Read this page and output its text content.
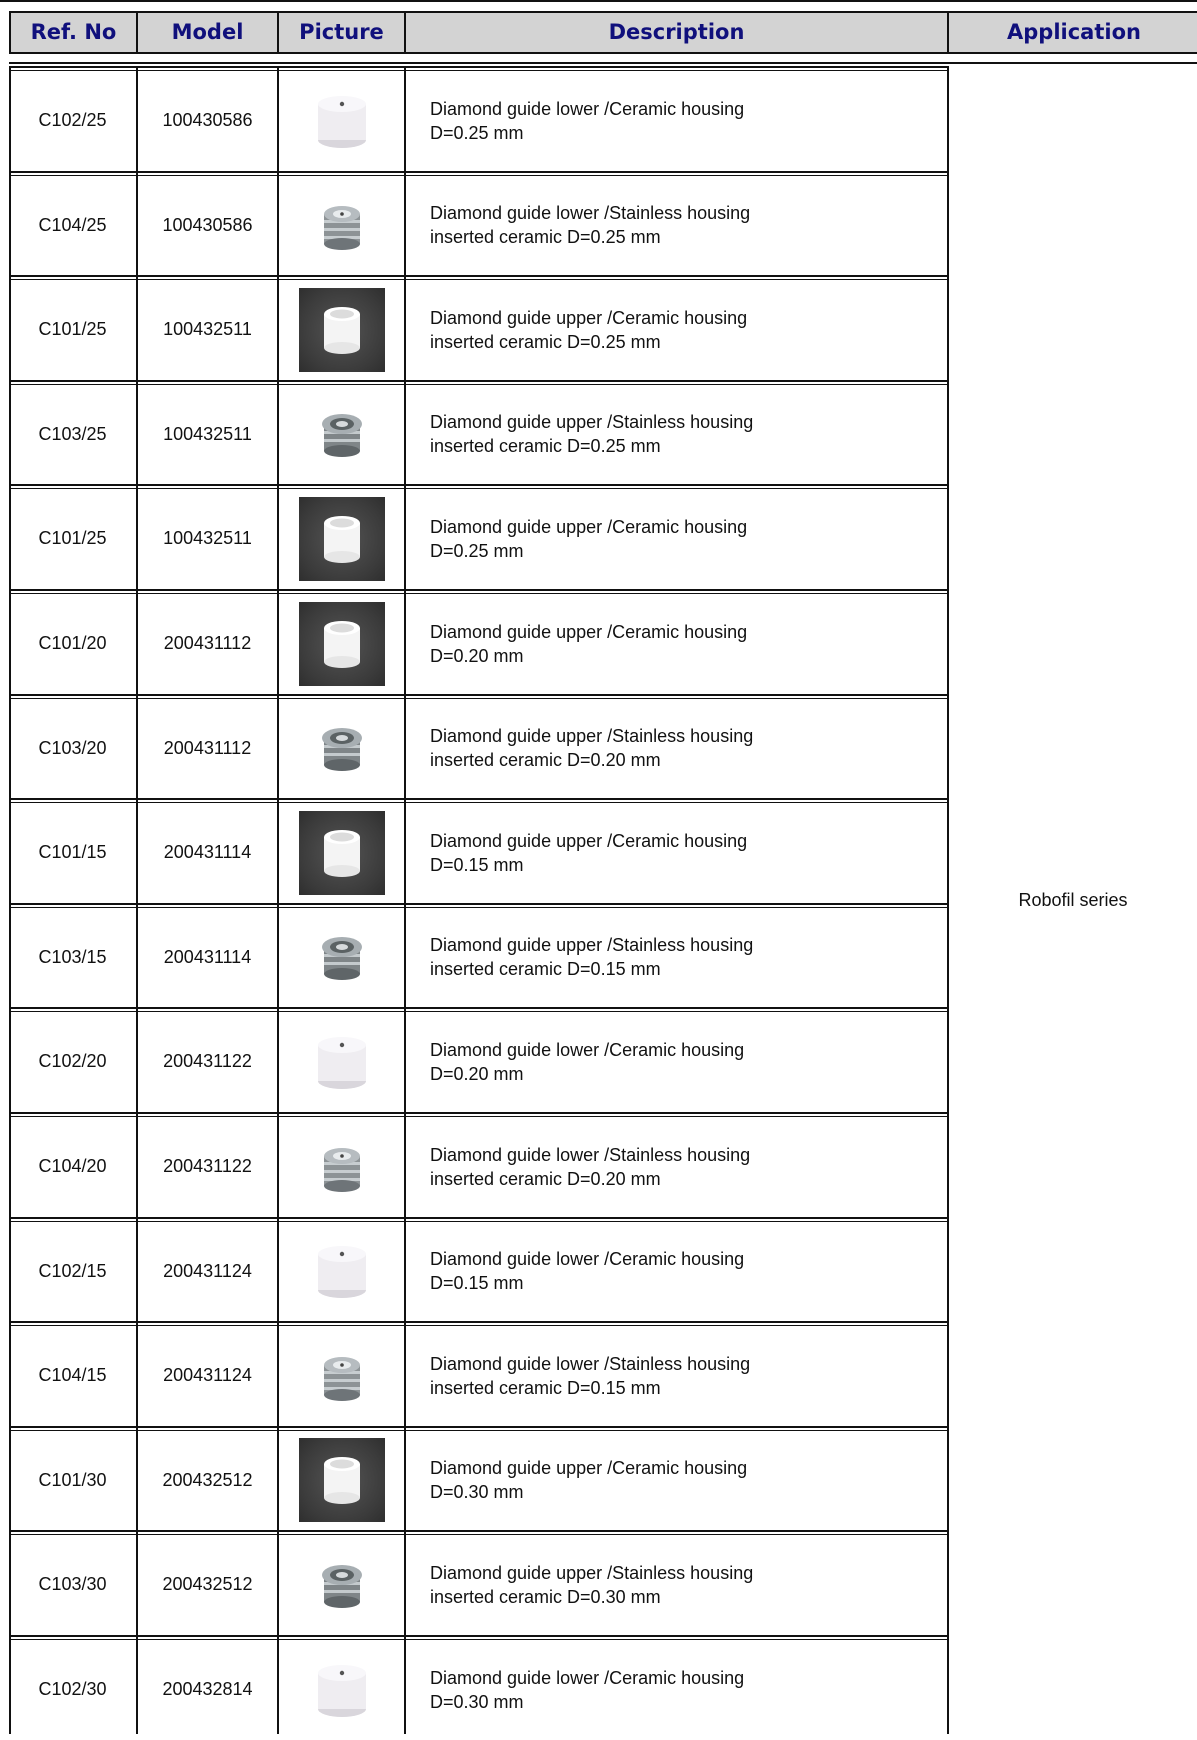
Ref. No	Model	Picture	Description	Application
Robofil series
C102/25	100430586
Diamond guide lower /Ceramic housing
D=0.25 mm
C104/25	100430586
Diamond guide lower /Stainless housing
inserted ceramic D=0.25 mm
C101/25	100432511
Diamond guide upper /Ceramic housing
inserted ceramic D=0.25 mm
C103/25	100432511
Diamond guide upper /Stainless housing
inserted ceramic D=0.25 mm
C101/25	100432511
Diamond guide upper /Ceramic housing
D=0.25 mm
C101/20	200431112
Diamond guide upper /Ceramic housing
D=0.20 mm
C103/20	200431112
Diamond guide upper /Stainless housing
inserted ceramic D=0.20 mm
C101/15	200431114
Diamond guide upper /Ceramic housing
D=0.15 mm
C103/15	200431114
Diamond guide upper /Stainless housing
inserted ceramic D=0.15 mm
C102/20	200431122
Diamond guide lower /Ceramic housing
D=0.20 mm
C104/20	200431122
Diamond guide lower /Stainless housing
inserted ceramic D=0.20 mm
C102/15	200431124
Diamond guide lower /Ceramic housing
D=0.15 mm
C104/15	200431124
Diamond guide lower /Stainless housing
inserted ceramic D=0.15 mm
C101/30	200432512
Diamond guide upper /Ceramic housing
D=0.30 mm
C103/30	200432512
Diamond guide upper /Stainless housing
inserted ceramic D=0.30 mm
C102/30	200432814
Diamond guide lower /Ceramic housing
D=0.30 mm
